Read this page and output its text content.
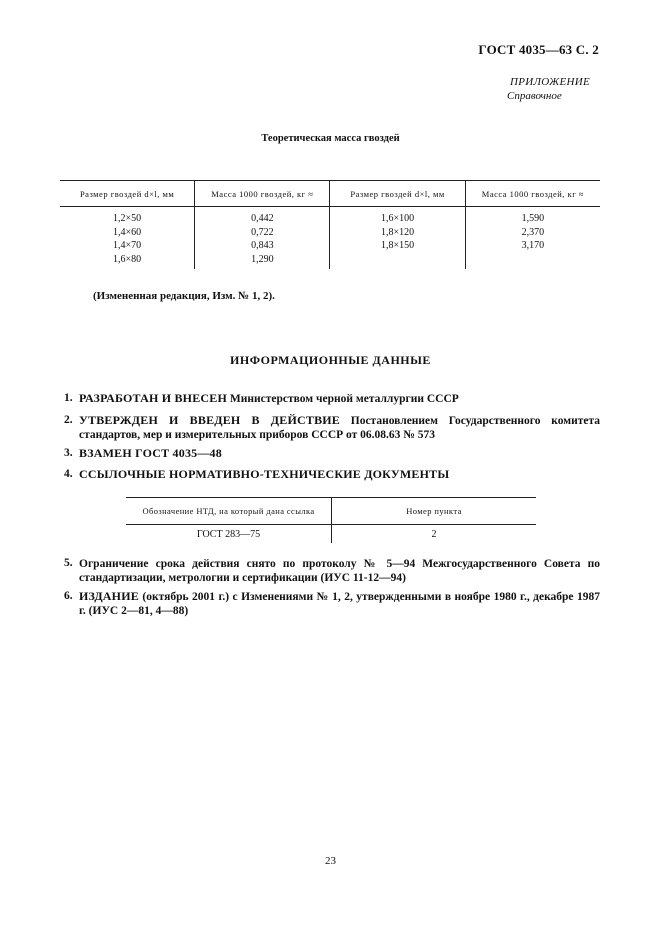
ГОСТ 4035—63 С. 2
ПРИЛОЖЕНИЕ
Справочное
Теоретическая масса гвоздей
Размер гвоздей d×l, мм	Масса 1000 гвоздей, кг ≈	Размер гвоздей d×l, мм	Масса 1000 гвоздей, кг ≈
1,2×50	0,442	1,6×100	1,590
1,4×60	0,722	1,8×120	2,370
1,4×70	0,843	1,8×150	3,170
1,6×80	1,290		
(Измененная редакция, Изм. № 1, 2).
ИНФОРМАЦИОННЫЕ ДАННЫЕ
1. РАЗРАБОТАН И ВНЕСЕН Министерством черной металлургии СССР
2. УТВЕРЖДЕН И ВВЕДЕН В ДЕЙСТВИЕ Постановлением Государственного комитета стандартов, мер и измерительных приборов СССР от 06.08.63 № 573
3. ВЗАМЕН ГОСТ 4035—48
4. ССЫЛОЧНЫЕ НОРМАТИВНО-ТЕХНИЧЕСКИЕ ДОКУМЕНТЫ
Обозначение НТД, на который дана ссылка	Номер пункта
ГОСТ 283—75	2
5. Ограничение срока действия снято по протоколу № 5—94 Межгосударственного Совета по стандартизации, метрологии и сертификации (ИУС 11-12—94)
6. ИЗДАНИЕ (октябрь 2001 г.) с Изменениями № 1, 2, утвержденными в ноябре 1980 г., декабре 1987 г. (ИУС 2—81, 4—88)
23
